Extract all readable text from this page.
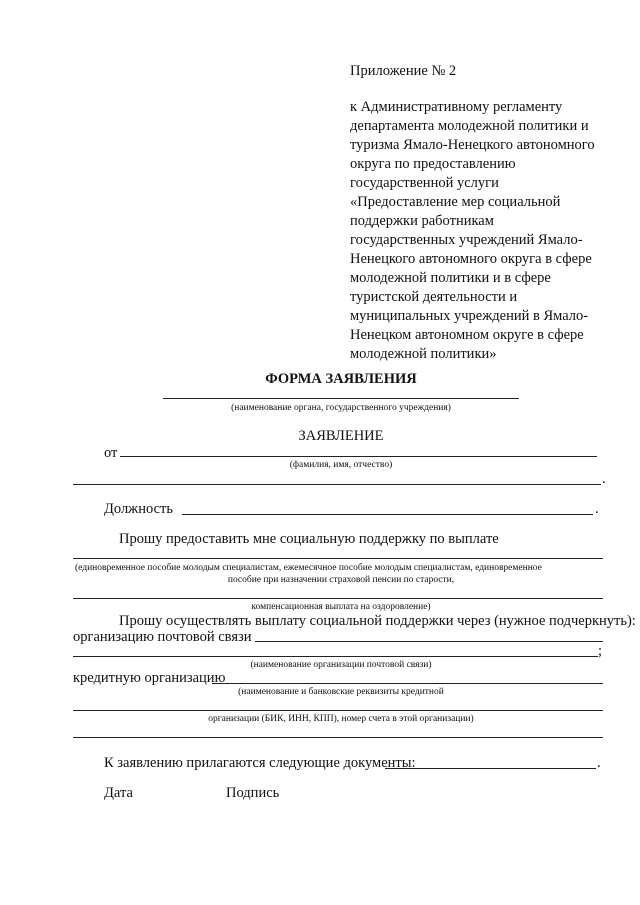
Приложение № 2
к Административному регламенту
департамента молодежной политики и
туризма Ямало-Ненецкого автономного
округа по предоставлению
государственной услуги
«Предоставление мер социальной
поддержки работникам
государственных учреждений Ямало-
Ненецкого автономного округа в сфере
молодежной политики и в сфере
туристской деятельности и
муниципальных учреждений в Ямало-
Ненецком автономном округе в сфере
молодежной политики»
ФОРМА ЗАЯВЛЕНИЯ
(наименование органа, государственного учреждения)
ЗАЯВЛЕНИЕ
от
(фамилия, имя, отчество)
.
Должность	.
Прошу предоставить мне социальную поддержку по выплате
(единовременное пособие молодым специалистам, ежемесячное пособие молодым специалистам, единовременное
пособие при назначении страховой пенсии по старости,
компенсационная выплата на оздоровление)
Прошу осуществлять выплату социальной поддержки через (нужное подчеркнуть):
организацию почтовой связи
;
(наименование организации почтовой связи)
кредитную организацию
(наименование и банковские реквизиты кредитной
организации (БИК, ИНН, КПП), номер счета в этой организации)
К заявлению прилагаются следующие документы:	.
Дата	Подпись
